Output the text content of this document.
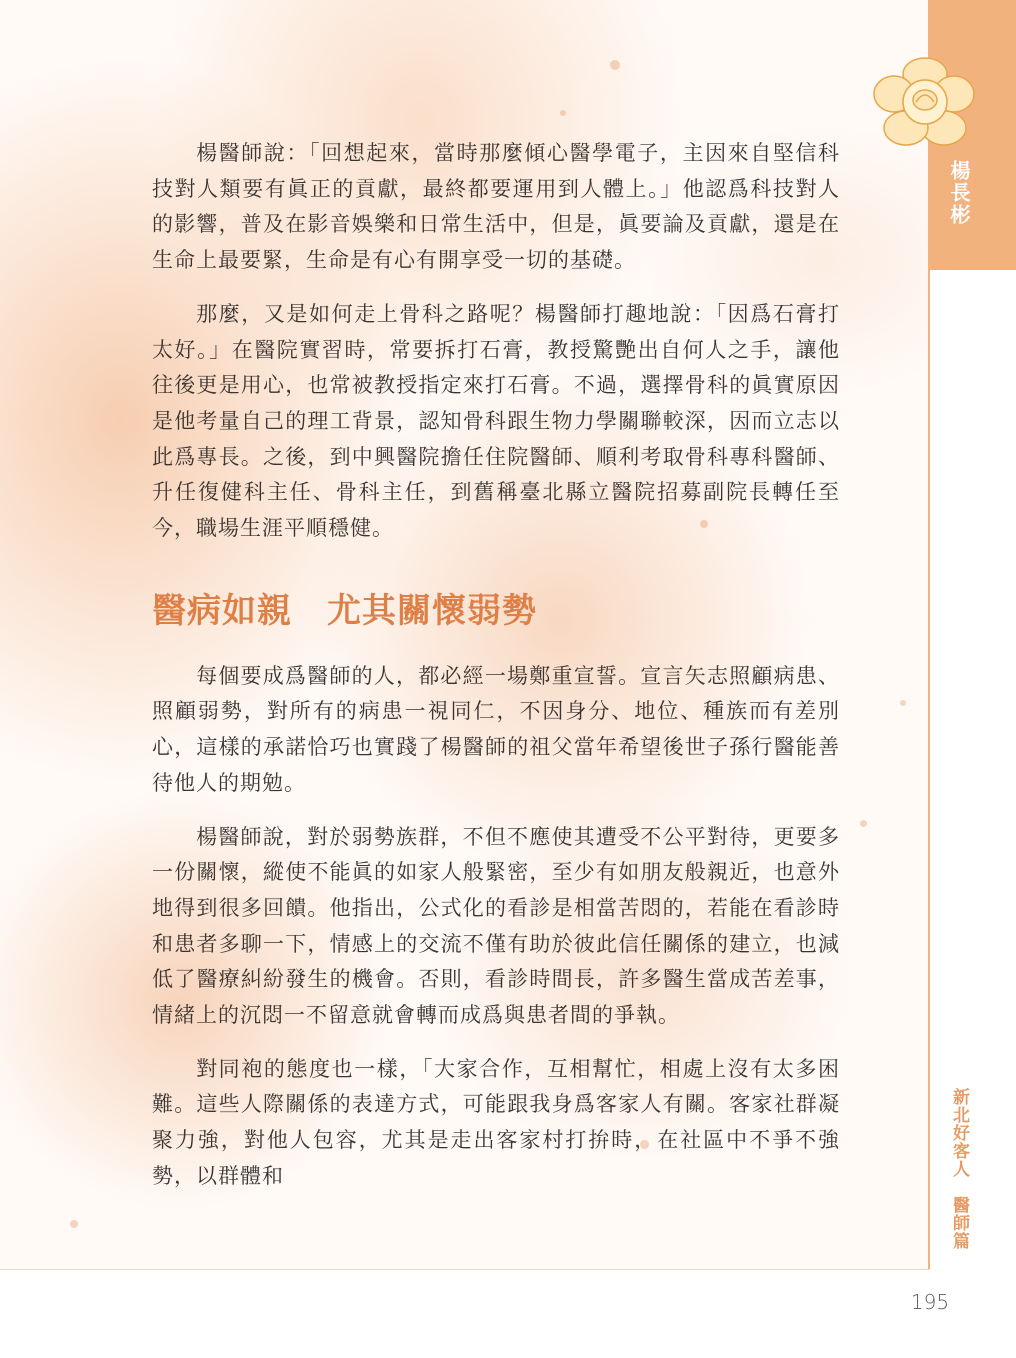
楊長彬
新北好客人醫師篇

楊醫師說：「回想起來，當時那麼傾心醫學電子，主因來自堅信科技對人類要有眞正的貢獻，最終都要運用到人體上。」他認爲科技對人的影響，普及在影音娛樂和日常生活中，但是，眞要論及貢獻，還是在生命上最要緊，生命是有心有開享受一切的基礎。

那麼，又是如何走上骨科之路呢？楊醫師打趣地說：「因爲石膏打太好。」在醫院實習時，常要拆打石膏，教授驚艷出自何人之手，讓他往後更是用心，也常被教授指定來打石膏。不過，選擇骨科的眞實原因是他考量自己的理工背景，認知骨科跟生物力學關聯較深，因而立志以此爲專長。之後，到中興醫院擔任住院醫師、順利考取骨科專科醫師、升任復健科主任、骨科主任，到舊稱臺北縣立醫院招募副院長轉任至今，職場生涯平順穩健。

醫病如親　尤其關懷弱勢

每個要成爲醫師的人，都必經一場鄭重宣誓。宣言矢志照顧病患、照顧弱勢，對所有的病患一視同仁，不因身分、地位、種族而有差別心，這樣的承諾恰巧也實踐了楊醫師的祖父當年希望後世子孫行醫能善待他人的期勉。

楊醫師說，對於弱勢族群，不但不應使其遭受不公平對待，更要多一份關懷，縱使不能眞的如家人般緊密，至少有如朋友般親近，也意外地得到很多回饋。他指出，公式化的看診是相當苦悶的，若能在看診時和患者多聊一下，情感上的交流不僅有助於彼此信任關係的建立，也減低了醫療糾紛發生的機會。否則，看診時間長，許多醫生當成苦差事，情緒上的沉悶一不留意就會轉而成爲與患者間的爭執。

對同袍的態度也一樣，「大家合作，互相幫忙，相處上沒有太多困難。這些人際關係的表達方式，可能跟我身爲客家人有關。客家社群凝聚力強，對他人包容，尤其是走出客家村打拚時，在社區中不爭不強勢，以群體和

195
